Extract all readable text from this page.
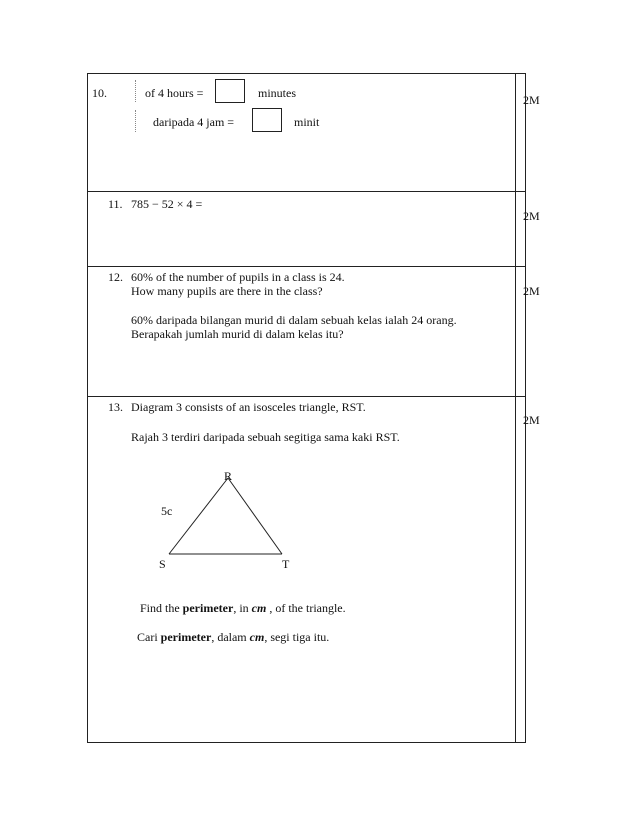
10.	of 4 hours =	minutes
daripada 4 jam =	minit
2M
11. 785 − 52 × 4 =
2M
12. 60% of the number of pupils in a class is 24.
How many pupils are there in the class?
60% daripada bilangan murid di dalam sebuah kelas ialah 24 orang.
Berapakah jumlah murid di dalam kelas itu?
2M
13. Diagram 3 consists of an isosceles triangle, RST.
Rajah 3 terdiri daripada sebuah segitiga sama kaki RST.
2M
R
5c
S	T
Find the perimeter, in cm , of the triangle.
Cari perimeter, dalam cm, segi tiga itu.
